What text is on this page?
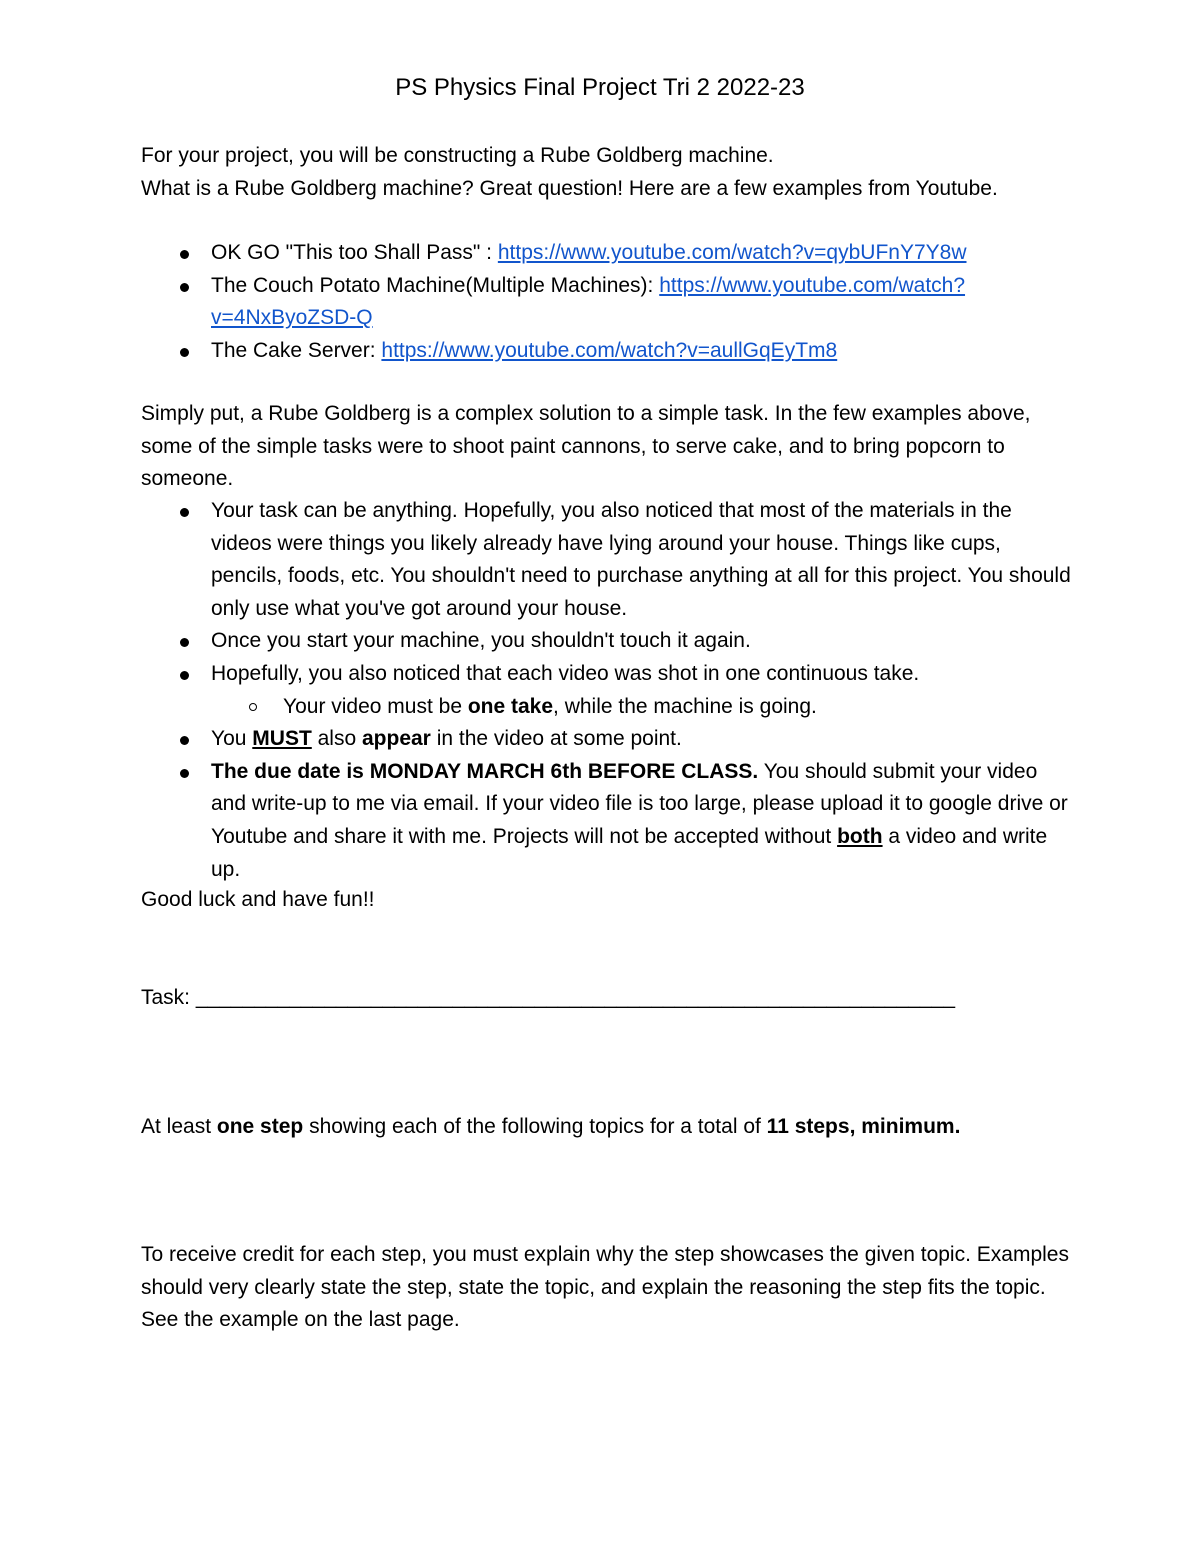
PS Physics Final Project Tri 2 2022-23

For your project, you will be constructing a Rube Goldberg machine.
What is a Rube Goldberg machine? Great question! Here are a few examples from Youtube.

OK GO "This too Shall Pass" : https://www.youtube.com/watch?v=qybUFnY7Y8w
The Couch Potato Machine(Multiple Machines): https://www.youtube.com/watch?v=4NxByoZSD-Q
The Cake Server: https://www.youtube.com/watch?v=aullGqEyTm8

Simply put, a Rube Goldberg is a complex solution to a simple task. In the few examples above, some of the simple tasks were to shoot paint cannons, to serve cake, and to bring popcorn to someone.

Your task can be anything. Hopefully, you also noticed that most of the materials in the videos were things you likely already have lying around your house. Things like cups, pencils, foods, etc. You shouldn't need to purchase anything at all for this project. You should only use what you've got around your house.
Once you start your machine, you shouldn't touch it again.
Hopefully, you also noticed that each video was shot in one continuous take.
Your video must be one take, while the machine is going.
You MUST also appear in the video at some point.
The due date is MONDAY MARCH 6th BEFORE CLASS. You should submit your video and write-up to me via email. If your video file is too large, please upload it to google drive or Youtube and share it with me. Projects will not be accepted without both a video and write up.

Good luck and have fun!!

Task: _________________________________________________________________

At least one step showing each of the following topics for a total of 11 steps, minimum.

To receive credit for each step, you must explain why the step showcases the given topic. Examples should very clearly state the step, state the topic, and explain the reasoning the step fits the topic. See the example on the last page.
